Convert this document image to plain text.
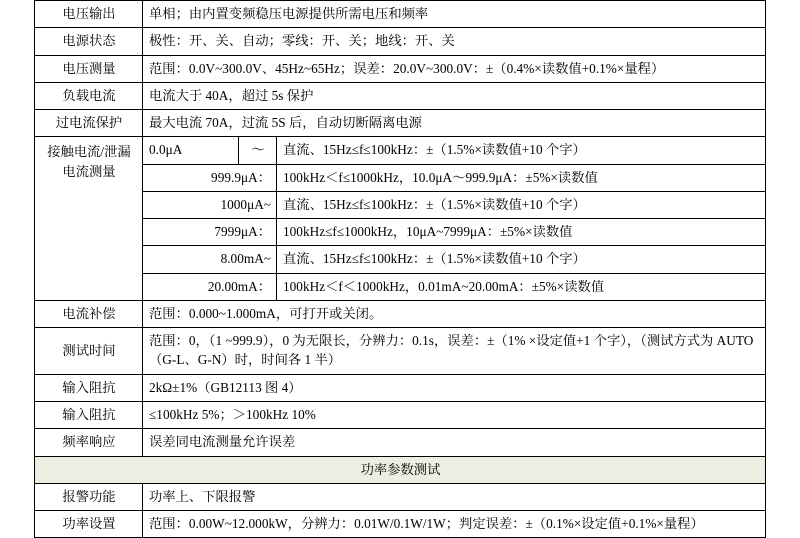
电压输出	单相；由内置变频稳压电源提供所需电压和频率		
电源状态	极性：开、关、自动；零线：开、关；地线：开、关		
电压测量	范围：0.0V~300.0V、45Hz~65Hz；误差：20.0V~300.0V：±（0.4%×读数值+0.1%×量程）		
负载电流	电流大于 40A，超过 5s 保护		
过电流保护	最大电流 70A，过流 5S 后，自动切断隔离电源		

接触电流/泄漏
电流测量	0.0μA	～	直流、15Hz≤f≤100kHz：±（1.5%×读数值+10 个字）
	999.9μA：		100kHz＜f≤1000kHz，10.0μA～999.9μA：±5%×读数值
	1000μA~		直流、15Hz≤f≤100kHz：±（1.5%×读数值+10 个字）
	7999μA：		100kHz≤f≤1000kHz，10μA~7999μA：±5%×读数值
	8.00mA~		直流、15Hz≤f≤100kHz：±（1.5%×读数值+10 个字）
	20.00mA：		100kHz＜f＜1000kHz，0.01mA~20.00mA：±5%×读数值
电流补偿	范围：0.000~1.000mA，可打开或关闭。		
测试时间	范围：0，（1 ~999.9），0 为无限长，分辨力：0.1s，误差：±（1% ×设定值+1 个字），（测试方式为 AUTO（G-L、G-N）时，时间各 1 半）		
输入阻抗	2kΩ±1%（GB12113 图 4）		
输入阻抗	≤100kHz 5%；＞100kHz 10%		
频率响应	误差同电流测量允许误差		
功率参数测试			
报警功能	功率上、下限报警		
功率设置	范围：0.00W~12.000kW，分辨力：0.01W/0.1W/1W；判定误差：±（0.1%×设定值+0.1%×量程）		
